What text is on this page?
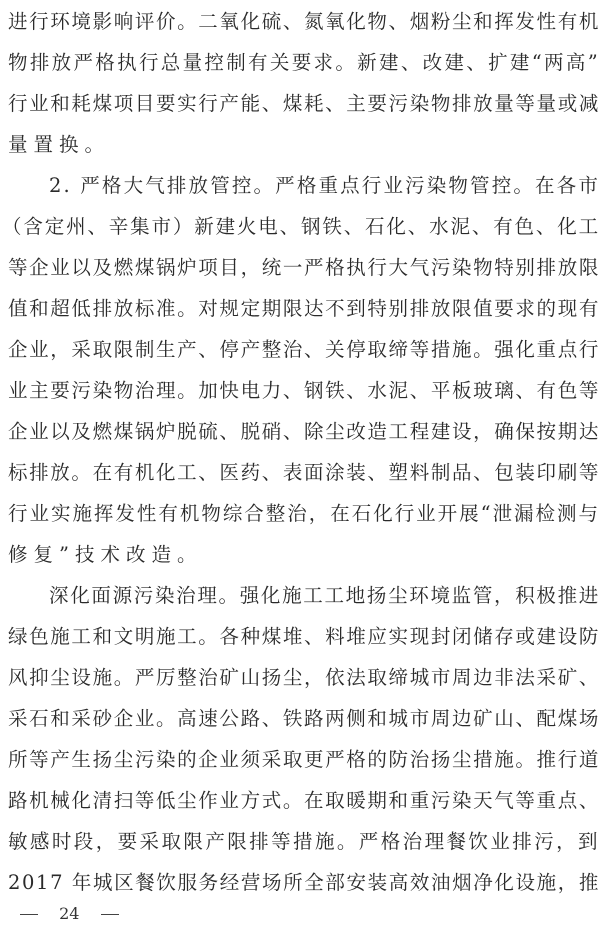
进行环境影响评价。二氧化硫、氮氧化物、烟粉尘和挥发性有机
物排放严格执行总量控制有关要求。新建、改建、扩建“两高”
行业和耗煤项目要实行产能、煤耗、主要污染物排放量等量或减
量置换。
2. 严格大气排放管控。严格重点行业污染物管控。在各市
（含定州、辛集市）新建火电、钢铁、石化、水泥、有色、化工
等企业以及燃煤锅炉项目，统一严格执行大气污染物特别排放限
值和超低排放标准。对规定期限达不到特别排放限值要求的现有
企业，采取限制生产、停产整治、关停取缔等措施。强化重点行
业主要污染物治理。加快电力、钢铁、水泥、平板玻璃、有色等
企业以及燃煤锅炉脱硫、脱硝、除尘改造工程建设，确保按期达
标排放。在有机化工、医药、表面涂装、塑料制品、包装印刷等
行业实施挥发性有机物综合整治，在石化行业开展“泄漏检测与
修复”技术改造。
深化面源污染治理。强化施工工地扬尘环境监管，积极推进
绿色施工和文明施工。各种煤堆、料堆应实现封闭储存或建设防
风抑尘设施。严厉整治矿山扬尘，依法取缔城市周边非法采矿、
采石和采砂企业。高速公路、铁路两侧和城市周边矿山、配煤场
所等产生扬尘污染的企业须采取更严格的防治扬尘措施。推行道
路机械化清扫等低尘作业方式。在取暖期和重污染天气等重点、
敏感时段，要采取限产限排等措施。严格治理餐饮业排污，到
2017 年城区餐饮服务经营场所全部安装高效油烟净化设施，推
24
